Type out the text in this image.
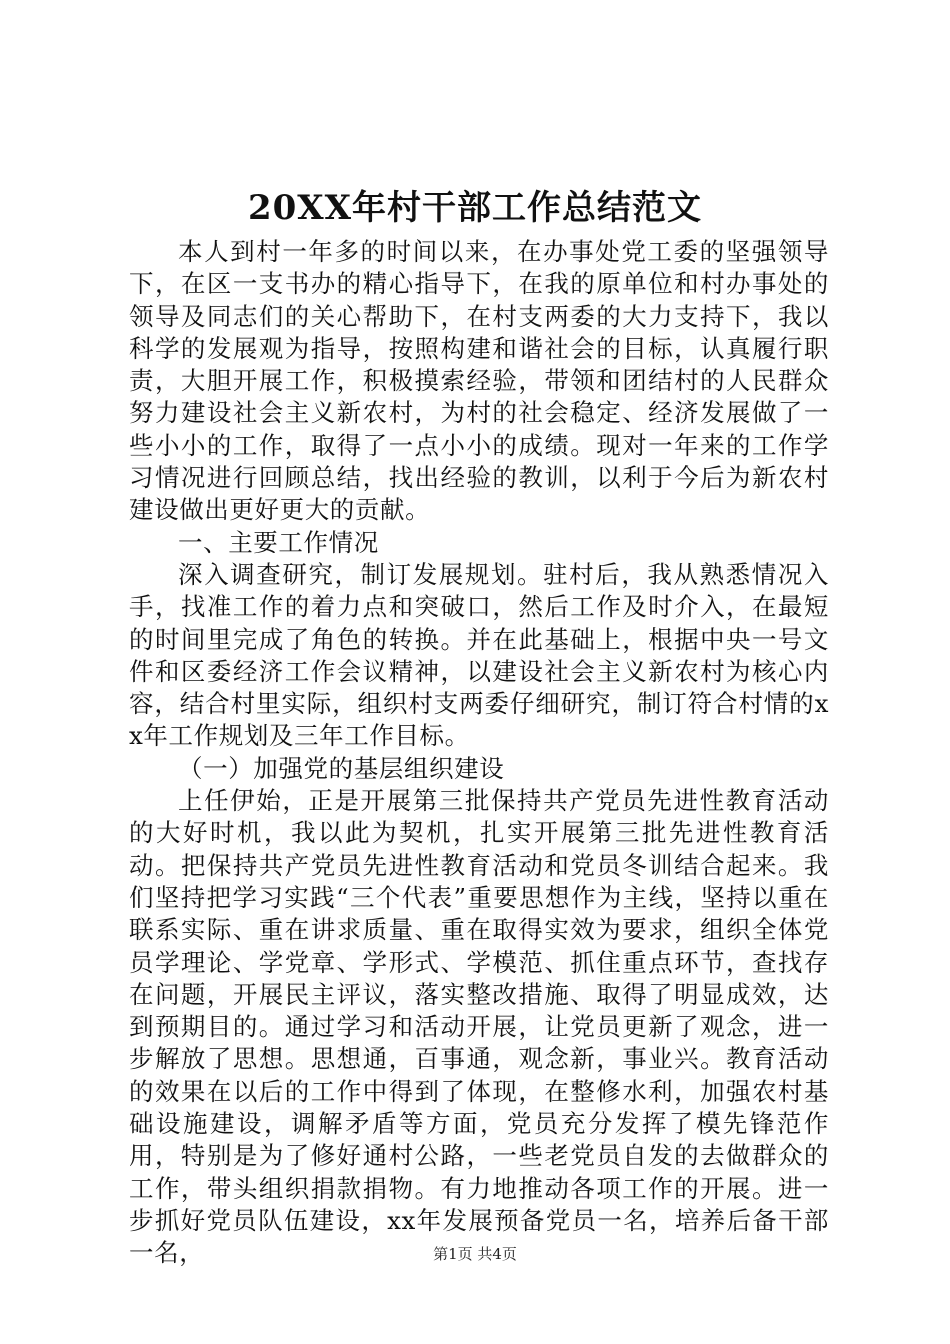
20XX年村干部工作总结范文

本人到村一年多的时间以来，在办事处党工委的坚强领导下，在区一支书办的精心指导下，在我的原单位和村办事处的领导及同志们的关心帮助下，在村支两委的大力支持下，我以科学的发展观为指导，按照构建和谐社会的目标，认真履行职责，大胆开展工作，积极摸索经验，带领和团结村的人民群众努力建设社会主义新农村，为村的社会稳定、经济发展做了一些小小的工作，取得了一点小小的成绩。现对一年来的工作学习情况进行回顾总结，找出经验的教训，以利于今后为新农村建设做出更好更大的贡献。

一、主要工作情况

深入调查研究，制订发展规划。驻村后，我从熟悉情况入手，找准工作的着力点和突破口，然后工作及时介入，在最短的时间里完成了角色的转换。并在此基础上，根据中央一号文件和区委经济工作会议精神，以建设社会主义新农村为核心内容，结合村里实际，组织村支两委仔细研究，制订符合村情的xx年工作规划及三年工作目标。

（一）加强党的基层组织建设

上任伊始，正是开展第三批保持共产党员先进性教育活动的大好时机，我以此为契机，扎实开展第三批先进性教育活动。把保持共产党员先进性教育活动和党员冬训结合起来。我们坚持把学习实践“三个代表”重要思想作为主线，坚持以重在联系实际、重在讲求质量、重在取得实效为要求，组织全体党员学理论、学党章、学形式、学模范、抓住重点环节，查找存在问题，开展民主评议，落实整改措施、取得了明显成效，达到预期目的。通过学习和活动开展，让党员更新了观念，进一步解放了思想。思想通，百事通，观念新，事业兴。教育活动的效果在以后的工作中得到了体现，在整修水利，加强农村基础设施建设，调解矛盾等方面，党员充分发挥了模先锋范作用，特别是为了修好通村公路，一些老党员自发的去做群众的工作，带头组织捐款捐物。有力地推动各项工作的开展。进一步抓好党员队伍建设，xx年发展预备党员一名，培养后备干部一名，	第1页 共4页
